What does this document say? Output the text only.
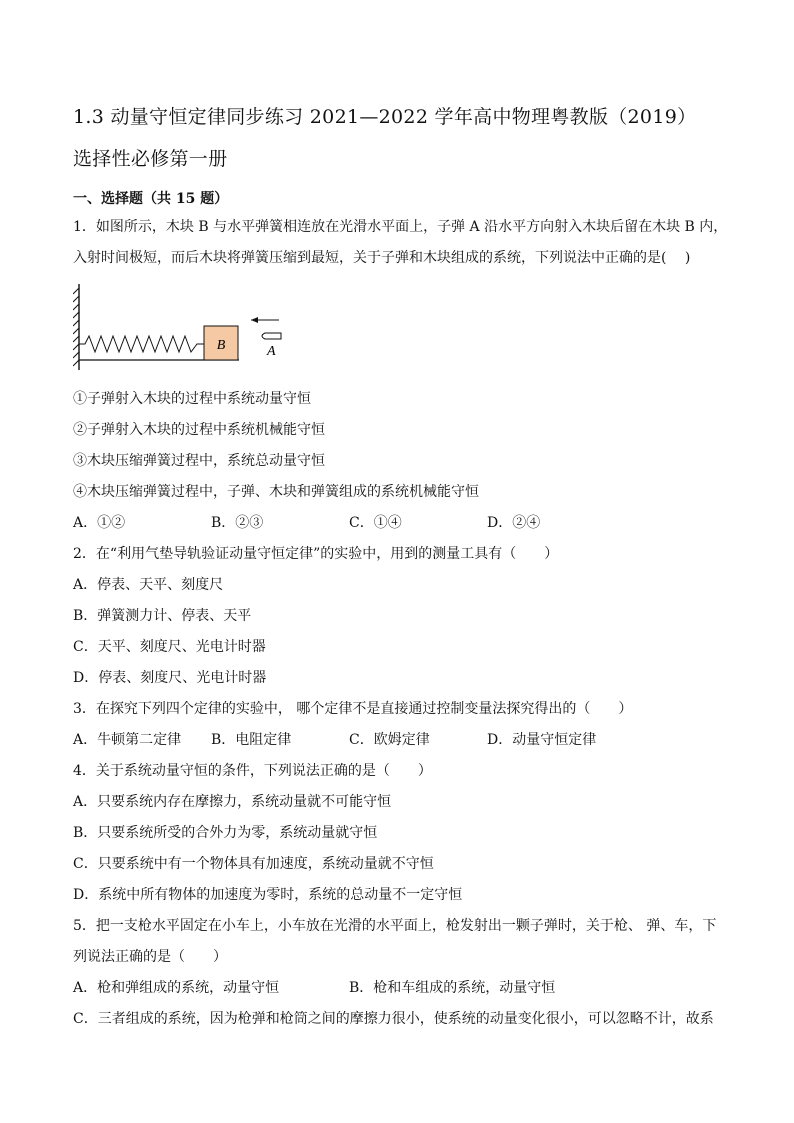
1.3 动量守恒定律同步练习 2021—2022 学年高中物理粤教版（2019）
选择性必修第一册
一、选择题（共 15 题）
1．如图所示，木块 B 与水平弹簧相连放在光滑水平面上，子弹 A 沿水平方向射入木块后留在木块 B 内，
入射时间极短，而后木块将弹簧压缩到最短，关于子弹和木块组成的系统，下列说法中正确的是(　 )
B	A
①子弹射入木块的过程中系统动量守恒
②子弹射入木块的过程中系统机械能守恒
③木块压缩弹簧过程中，系统总动量守恒
④木块压缩弹簧过程中，子弹、木块和弹簧组成的系统机械能守恒
A．①②	B．②③	C．①④	D．②④
2．在“利用气垫导轨验证动量守恒定律”的实验中，用到的测量工具有（　　）
A．停表、天平、刻度尺
B．弹簧测力计、停表、天平
C．天平、刻度尺、光电计时器
D．停表、刻度尺、光电计时器
3．在探究下列四个定律的实验中， 哪个定律不是直接通过控制变量法探究得出的（　　）
A．牛顿第二定律	B．电阻定律	C．欧姆定律	D．动量守恒定律
4．关于系统动量守恒的条件，下列说法正确的是（　　）
A．只要系统内存在摩擦力，系统动量就不可能守恒
B．只要系统所受的合外力为零，系统动量就守恒
C．只要系统中有一个物体具有加速度，系统动量就不守恒
D．系统中所有物体的加速度为零时，系统的总动量不一定守恒
5．把一支枪水平固定在小车上，小车放在光滑的水平面上，枪发射出一颗子弹时，关于枪、 弹、车，下
列说法正确的是（　　）
A．枪和弹组成的系统，动量守恒	B．枪和车组成的系统，动量守恒
C．三者组成的系统，因为枪弹和枪筒之间的摩擦力很小，使系统的动量变化很小，可以忽略不计，故系
